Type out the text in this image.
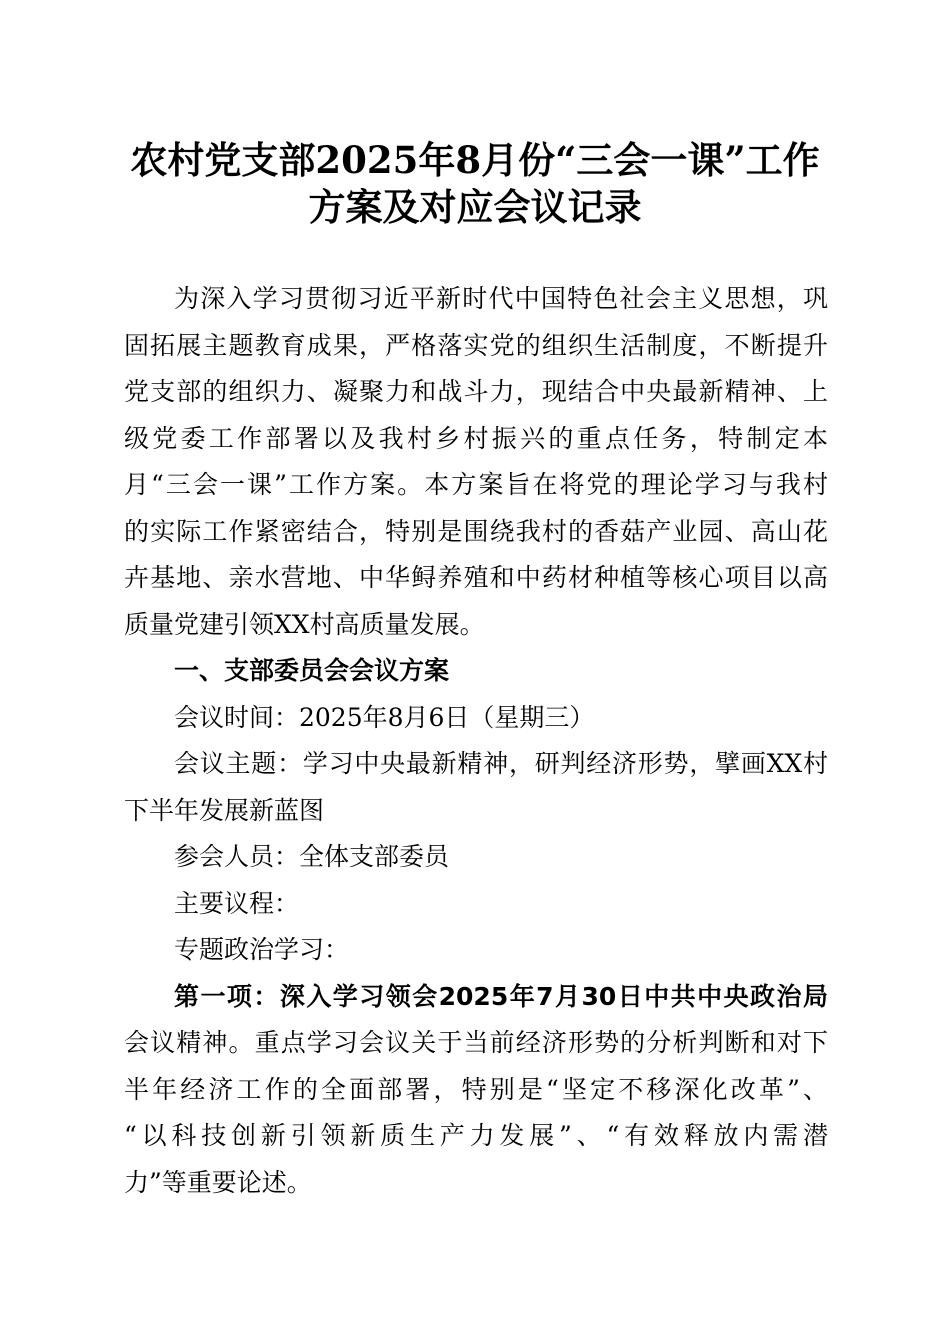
农村党支部2025年8月份“三会一课”工作
方案及对应会议记录
为深入学习贯彻习近平新时代中国特色社会主义思想，巩
固拓展主题教育成果，严格落实党的组织生活制度，不断提升
党支部的组织力、凝聚力和战斗力，现结合中央最新精神、上
级党委工作部署以及我村乡村振兴的重点任务，特制定本
月“三会一课”工作方案。本方案旨在将党的理论学习与我村
的实际工作紧密结合，特别是围绕我村的香菇产业园、高山花
卉基地、亲水营地、中华鲟养殖和中药材种植等核心项目以高
质量党建引领XX村高质量发展。
一、支部委员会会议方案
会议时间：2025年8月6日（星期三）
会议主题：学习中央最新精神，研判经济形势，擘画XX村
下半年发展新蓝图
参会人员：全体支部委员
主要议程：
专题政治学习：
第一项：深入学习领会2025年7月30日中共中央政治局
会议精神。重点学习会议关于当前经济形势的分析判断和对下
半年经济工作的全面部署，特别是“坚定不移深化改革”、
“以科技创新引领新质生产力发展”、“有效释放内需潜
力”等重要论述。
